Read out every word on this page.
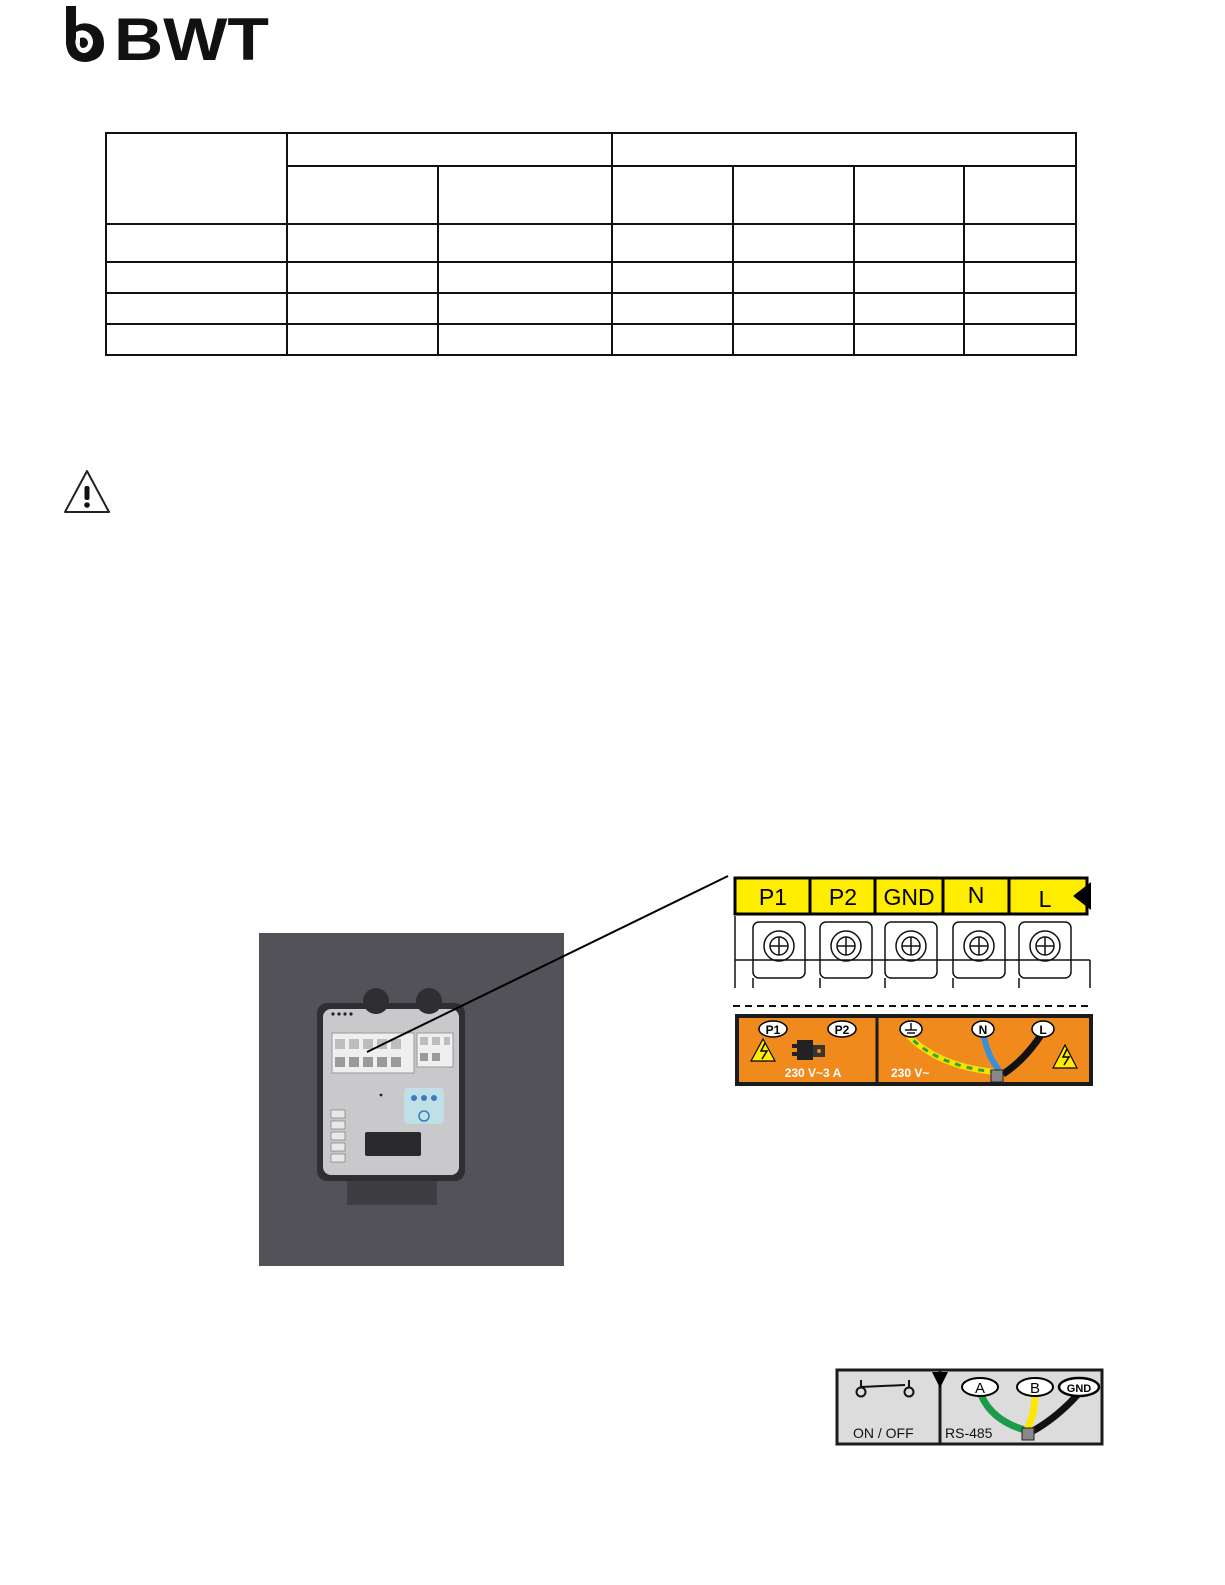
BWT

P1 P2 GND N L
P1	P2
230 V~3 A
N	L
230 V~
ON / OFF
A	B GND
RS-485
